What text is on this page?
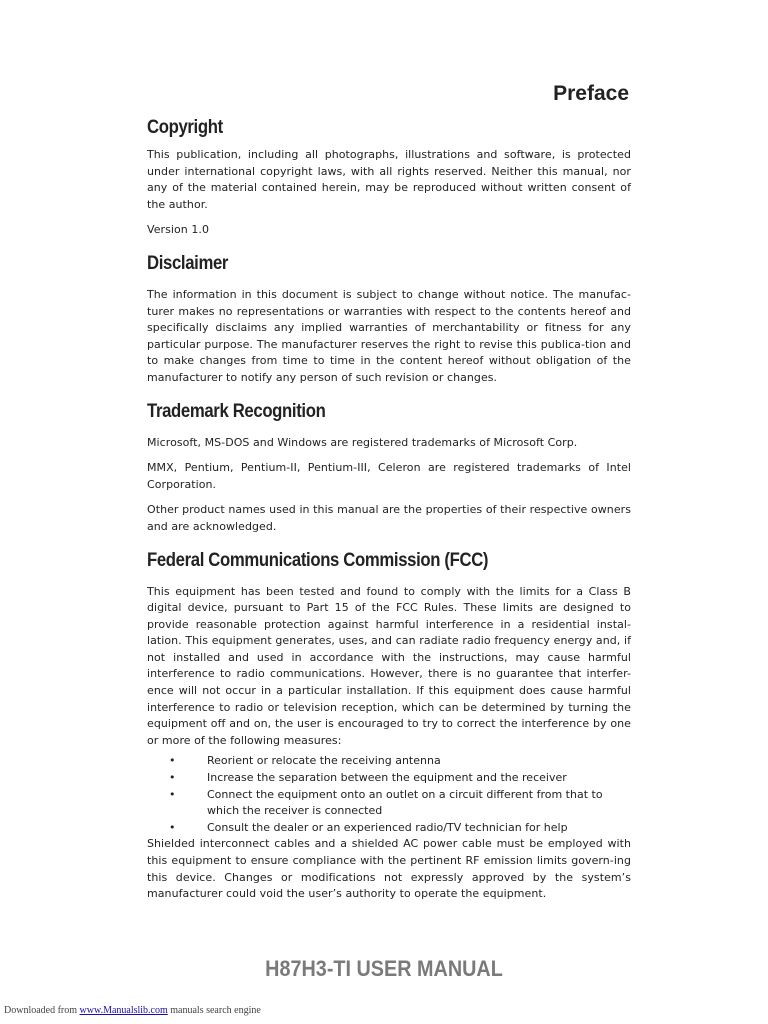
Preface
Copyright

This publication, including all photographs, illustrations and software, is protected under international copyright laws, with all rights reserved. Neither this manual, nor any of the material contained herein, may be reproduced without written consent of the author.

Version 1.0

Disclaimer

The information in this document is subject to change without notice. The manufac-turer makes no representations or warranties with respect to the contents hereof and specifically disclaims any implied warranties of merchantability or fitness for any particular purpose. The manufacturer reserves the right to revise this publica-tion and to make changes from time to time in the content hereof without obligation of the manufacturer to notify any person of such revision or changes.

Trademark Recognition

Microsoft, MS-DOS and Windows are registered trademarks of Microsoft Corp.

MMX, Pentium, Pentium-II, Pentium-III, Celeron are registered trademarks of Intel Corporation.

Other product names used in this manual are the properties of their respective owners and are acknowledged.

Federal Communications Commission (FCC)

This equipment has been tested and found to comply with the limits for a Class B digital device, pursuant to Part 15 of the FCC Rules. These limits are designed to provide reasonable protection against harmful interference in a residential instal-lation. This equipment generates, uses, and can radiate radio frequency energy and, if not installed and used in accordance with the instructions, may cause harmful interference to radio communications. However, there is no guarantee that interfer-ence will not occur in a particular installation. If this equipment does cause harmful interference to radio or television reception, which can be determined by turning the equipment off and on, the user is encouraged to try to correct the interference by one or more of the following measures:

•	Reorient or relocate the receiving antenna
•	Increase the separation between the equipment and the receiver
•	Connect the equipment onto an outlet on a circuit different from that to which the receiver is connected
•	Consult the dealer or an experienced radio/TV technician for help

Shielded interconnect cables and a shielded AC power cable must be employed with this equipment to ensure compliance with the pertinent RF emission limits govern-ing this device. Changes or modifications not expressly approved by the system’s manufacturer could void the user’s authority to operate the equipment.

H87H3-TI USER MANUAL
Downloaded from www.Manualslib.com manuals search engine
